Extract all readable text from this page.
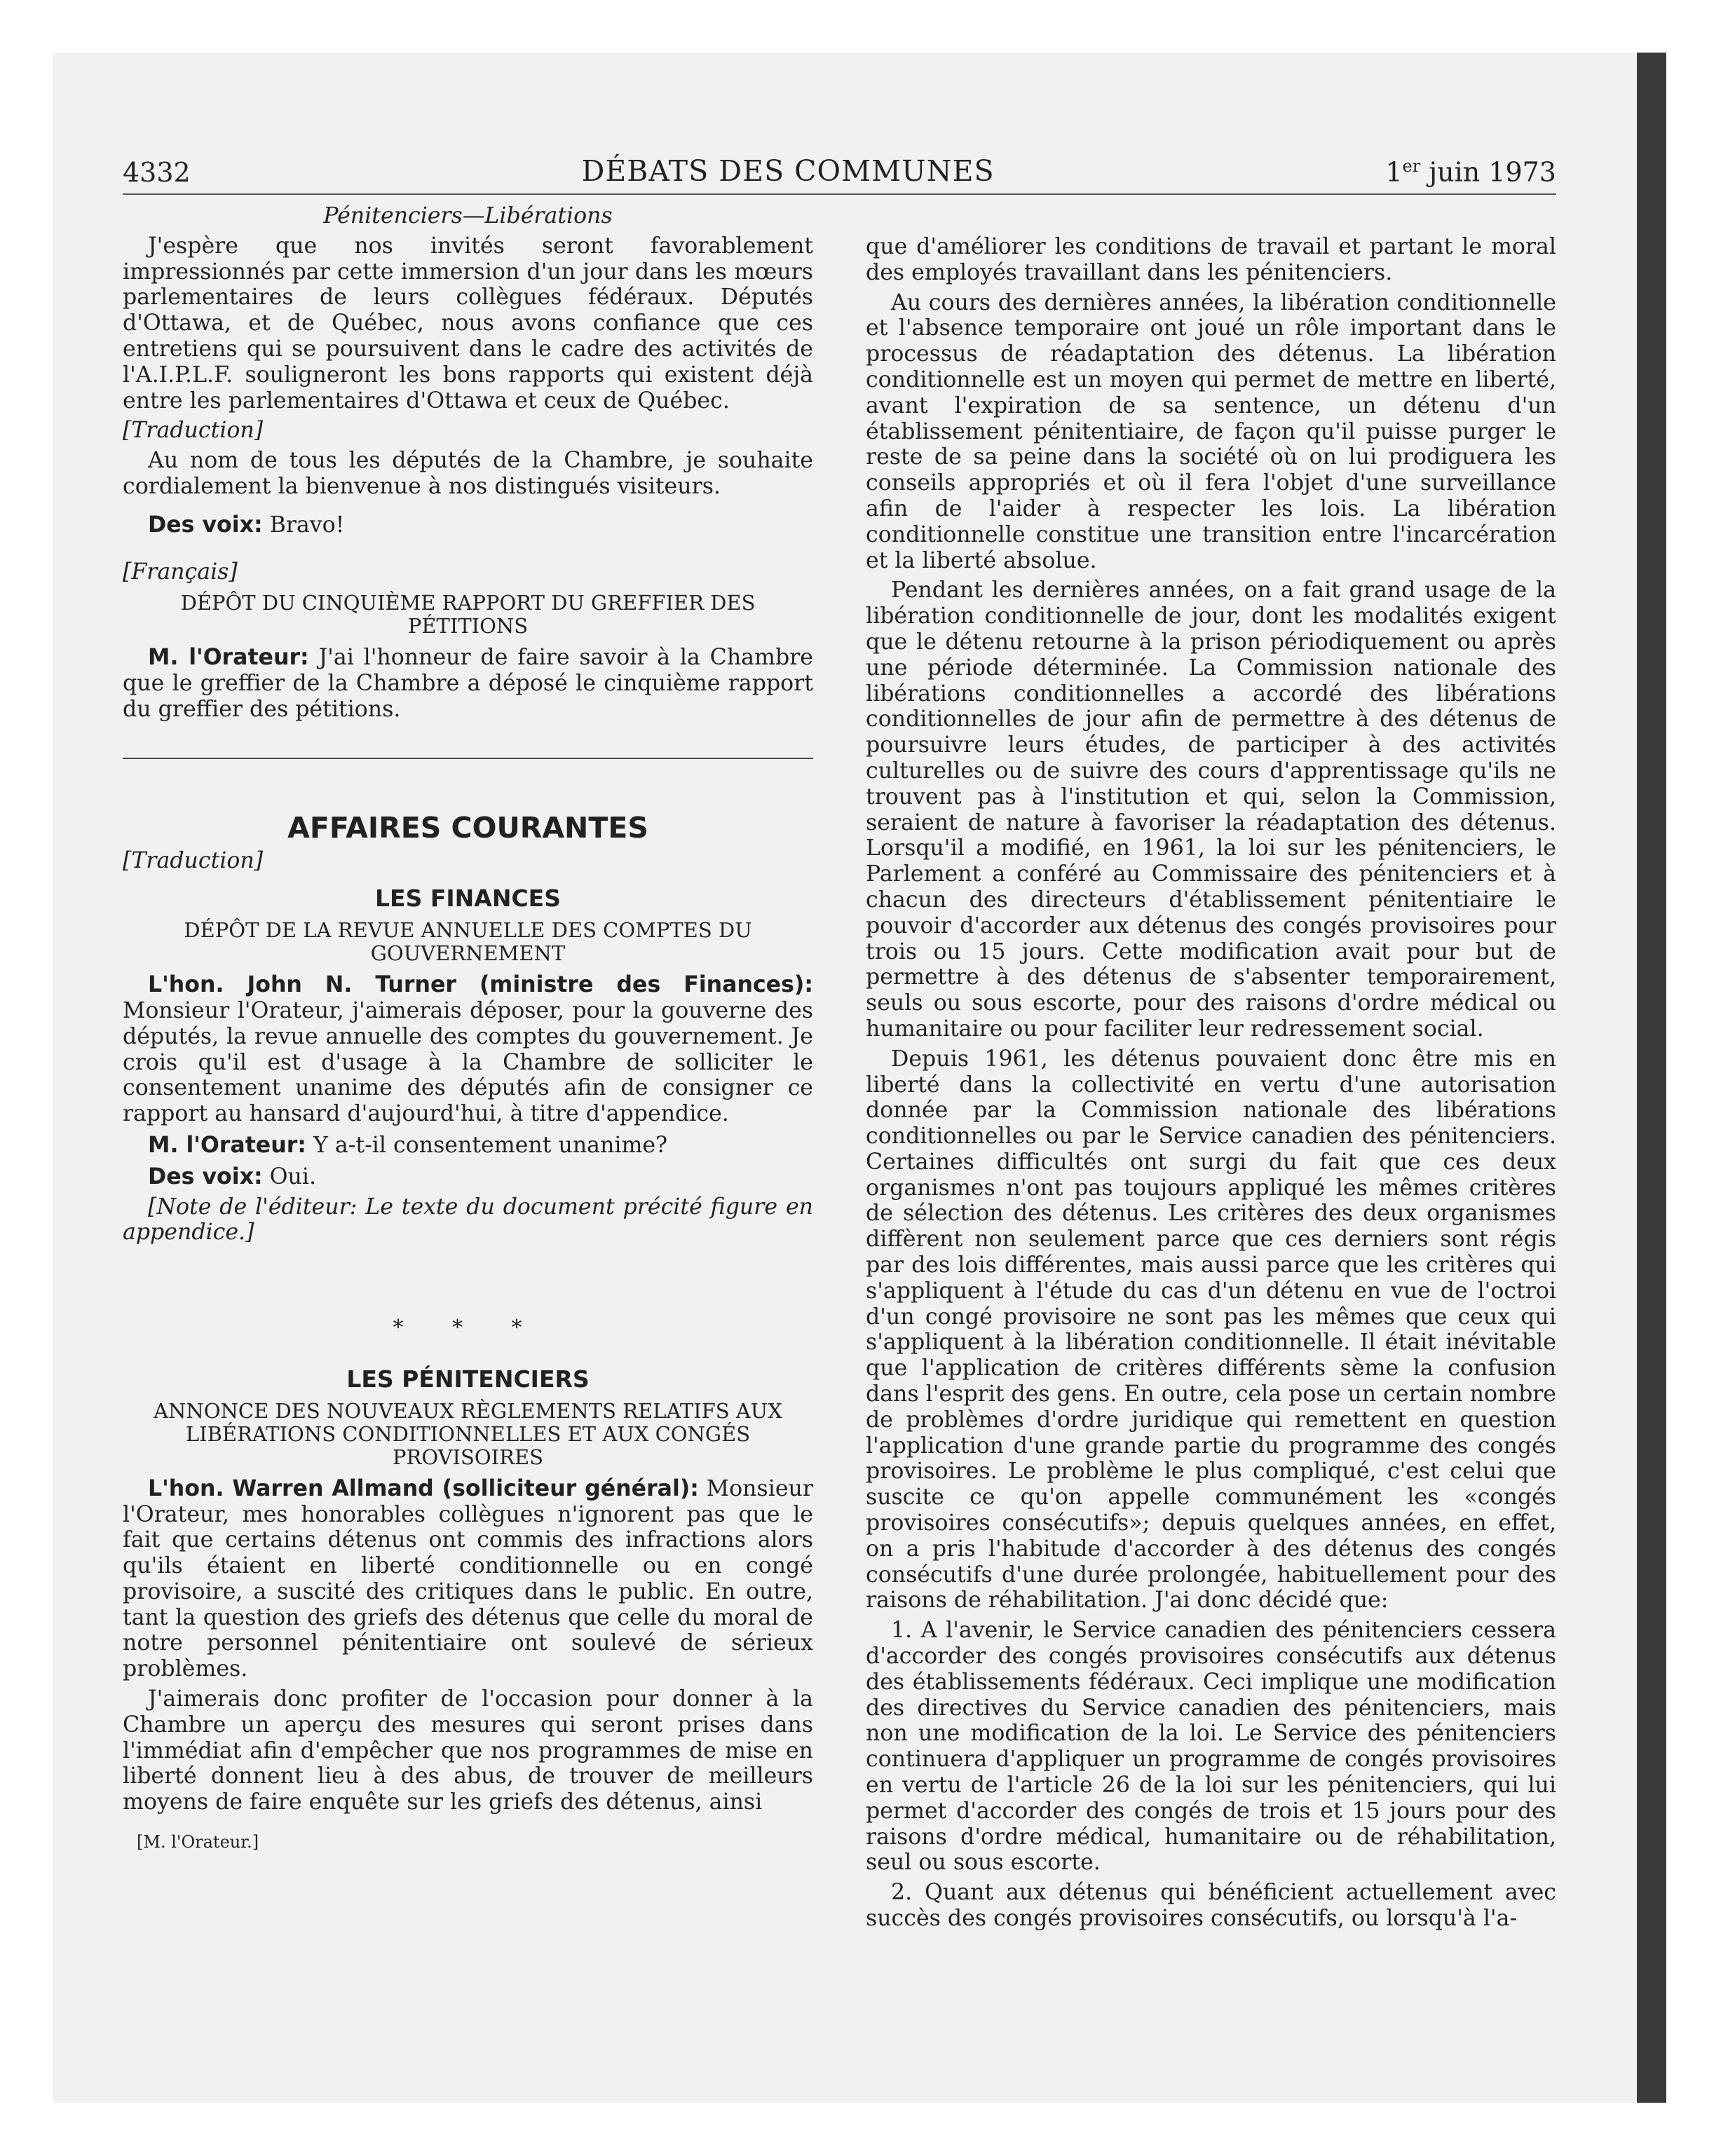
4332	DÉBATS DES COMMUNES	1er juin 1973
Pénitenciers—Libérations

J'espère que nos invités seront favorablement impressionnés par cette immersion d'un jour dans les mœurs parlementaires de leurs collègues fédéraux. Députés d'Ottawa, et de Québec, nous avons confiance que ces entretiens qui se poursuivent dans le cadre des activités de l'A.I.P.L.F. souligneront les bons rapports qui existent déjà entre les parlementaires d'Ottawa et ceux de Québec.

[Traduction]

Au nom de tous les députés de la Chambre, je souhaite cordialement la bienvenue à nos distingués visiteurs.

Des voix: Bravo!

[Français]

DÉPÔT DU CINQUIÈME RAPPORT DU GREFFIER DES PÉTITIONS

M. l'Orateur: J'ai l'honneur de faire savoir à la Chambre que le greffier de la Chambre a déposé le cinquième rapport du greffier des pétitions.

AFFAIRES COURANTES

[Traduction]

LES FINANCES
DÉPÔT DE LA REVUE ANNUELLE DES COMPTES DU GOUVERNEMENT

L'hon. John N. Turner (ministre des Finances): Monsieur l'Orateur, j'aimerais déposer, pour la gouverne des députés, la revue annuelle des comptes du gouvernement. Je crois qu'il est d'usage à la Chambre de solliciter le consentement unanime des députés afin de consigner ce rapport au hansard d'aujourd'hui, à titre d'appendice.

M. l'Orateur: Y a-t-il consentement unanime?

Des voix: Oui.

[Note de l'éditeur: Le texte du document précité figure en appendice.]

* * *
LES PÉNITENCIERS
ANNONCE DES NOUVEAUX RÈGLEMENTS RELATIFS AUX LIBÉRATIONS CONDITIONNELLES ET AUX CONGÉS PROVISOIRES

L'hon. Warren Allmand (solliciteur général): Monsieur l'Orateur, mes honorables collègues n'ignorent pas que le fait que certains détenus ont commis des infractions alors qu'ils étaient en liberté conditionnelle ou en congé provisoire, a suscité des critiques dans le public. En outre, tant la question des griefs des détenus que celle du moral de notre personnel pénitentiaire ont soulevé de sérieux problèmes.

J'aimerais donc profiter de l'occasion pour donner à la Chambre un aperçu des mesures qui seront prises dans l'immédiat afin d'empêcher que nos programmes de mise en liberté donnent lieu à des abus, de trouver de meilleurs moyens de faire enquête sur les griefs des détenus, ainsi

[M. l'Orateur.]

que d'améliorer les conditions de travail et partant le moral des employés travaillant dans les pénitenciers.

Au cours des dernières années, la libération conditionnelle et l'absence temporaire ont joué un rôle important dans le processus de réadaptation des détenus. La libération conditionnelle est un moyen qui permet de mettre en liberté, avant l'expiration de sa sentence, un détenu d'un établissement pénitentiaire, de façon qu'il puisse purger le reste de sa peine dans la société où on lui prodiguera les conseils appropriés et où il fera l'objet d'une surveillance afin de l'aider à respecter les lois. La libération conditionnelle constitue une transition entre l'incarcération et la liberté absolue.

Pendant les dernières années, on a fait grand usage de la libération conditionnelle de jour, dont les modalités exigent que le détenu retourne à la prison périodiquement ou après une période déterminée. La Commission nationale des libérations conditionnelles a accordé des libérations conditionnelles de jour afin de permettre à des détenus de poursuivre leurs études, de participer à des activités culturelles ou de suivre des cours d'apprentissage qu'ils ne trouvent pas à l'institution et qui, selon la Commission, seraient de nature à favoriser la réadaptation des détenus. Lorsqu'il a modifié, en 1961, la loi sur les pénitenciers, le Parlement a conféré au Commissaire des pénitenciers et à chacun des directeurs d'établissement pénitentiaire le pouvoir d'accorder aux détenus des congés provisoires pour trois ou 15 jours. Cette modification avait pour but de permettre à des détenus de s'absenter temporairement, seuls ou sous escorte, pour des raisons d'ordre médical ou humanitaire ou pour faciliter leur redressement social.

Depuis 1961, les détenus pouvaient donc être mis en liberté dans la collectivité en vertu d'une autorisation donnée par la Commission nationale des libérations conditionnelles ou par le Service canadien des pénitenciers. Certaines difficultés ont surgi du fait que ces deux organismes n'ont pas toujours appliqué les mêmes critères de sélection des détenus. Les critères des deux organismes diffèrent non seulement parce que ces derniers sont régis par des lois différentes, mais aussi parce que les critères qui s'appliquent à l'étude du cas d'un détenu en vue de l'octroi d'un congé provisoire ne sont pas les mêmes que ceux qui s'appliquent à la libération conditionnelle. Il était inévitable que l'application de critères différents sème la confusion dans l'esprit des gens. En outre, cela pose un certain nombre de problèmes d'ordre juridique qui remettent en question l'application d'une grande partie du programme des congés provisoires. Le problème le plus compliqué, c'est celui que suscite ce qu'on appelle communément les «congés provisoires consécutifs»; depuis quelques années, en effet, on a pris l'habitude d'accorder à des détenus des congés consécutifs d'une durée prolongée, habituellement pour des raisons de réhabilitation. J'ai donc décidé que:

1. A l'avenir, le Service canadien des pénitenciers cessera d'accorder des congés provisoires consécutifs aux détenus des établissements fédéraux. Ceci implique une modification des directives du Service canadien des pénitenciers, mais non une modification de la loi. Le Service des pénitenciers continuera d'appliquer un programme de congés provisoires en vertu de l'article 26 de la loi sur les pénitenciers, qui lui permet d'accorder des congés de trois et 15 jours pour des raisons d'ordre médical, humanitaire ou de réhabilitation, seul ou sous escorte.

2. Quant aux détenus qui bénéficient actuellement avec succès des congés provisoires consécutifs, ou lorsqu'à l'a-
